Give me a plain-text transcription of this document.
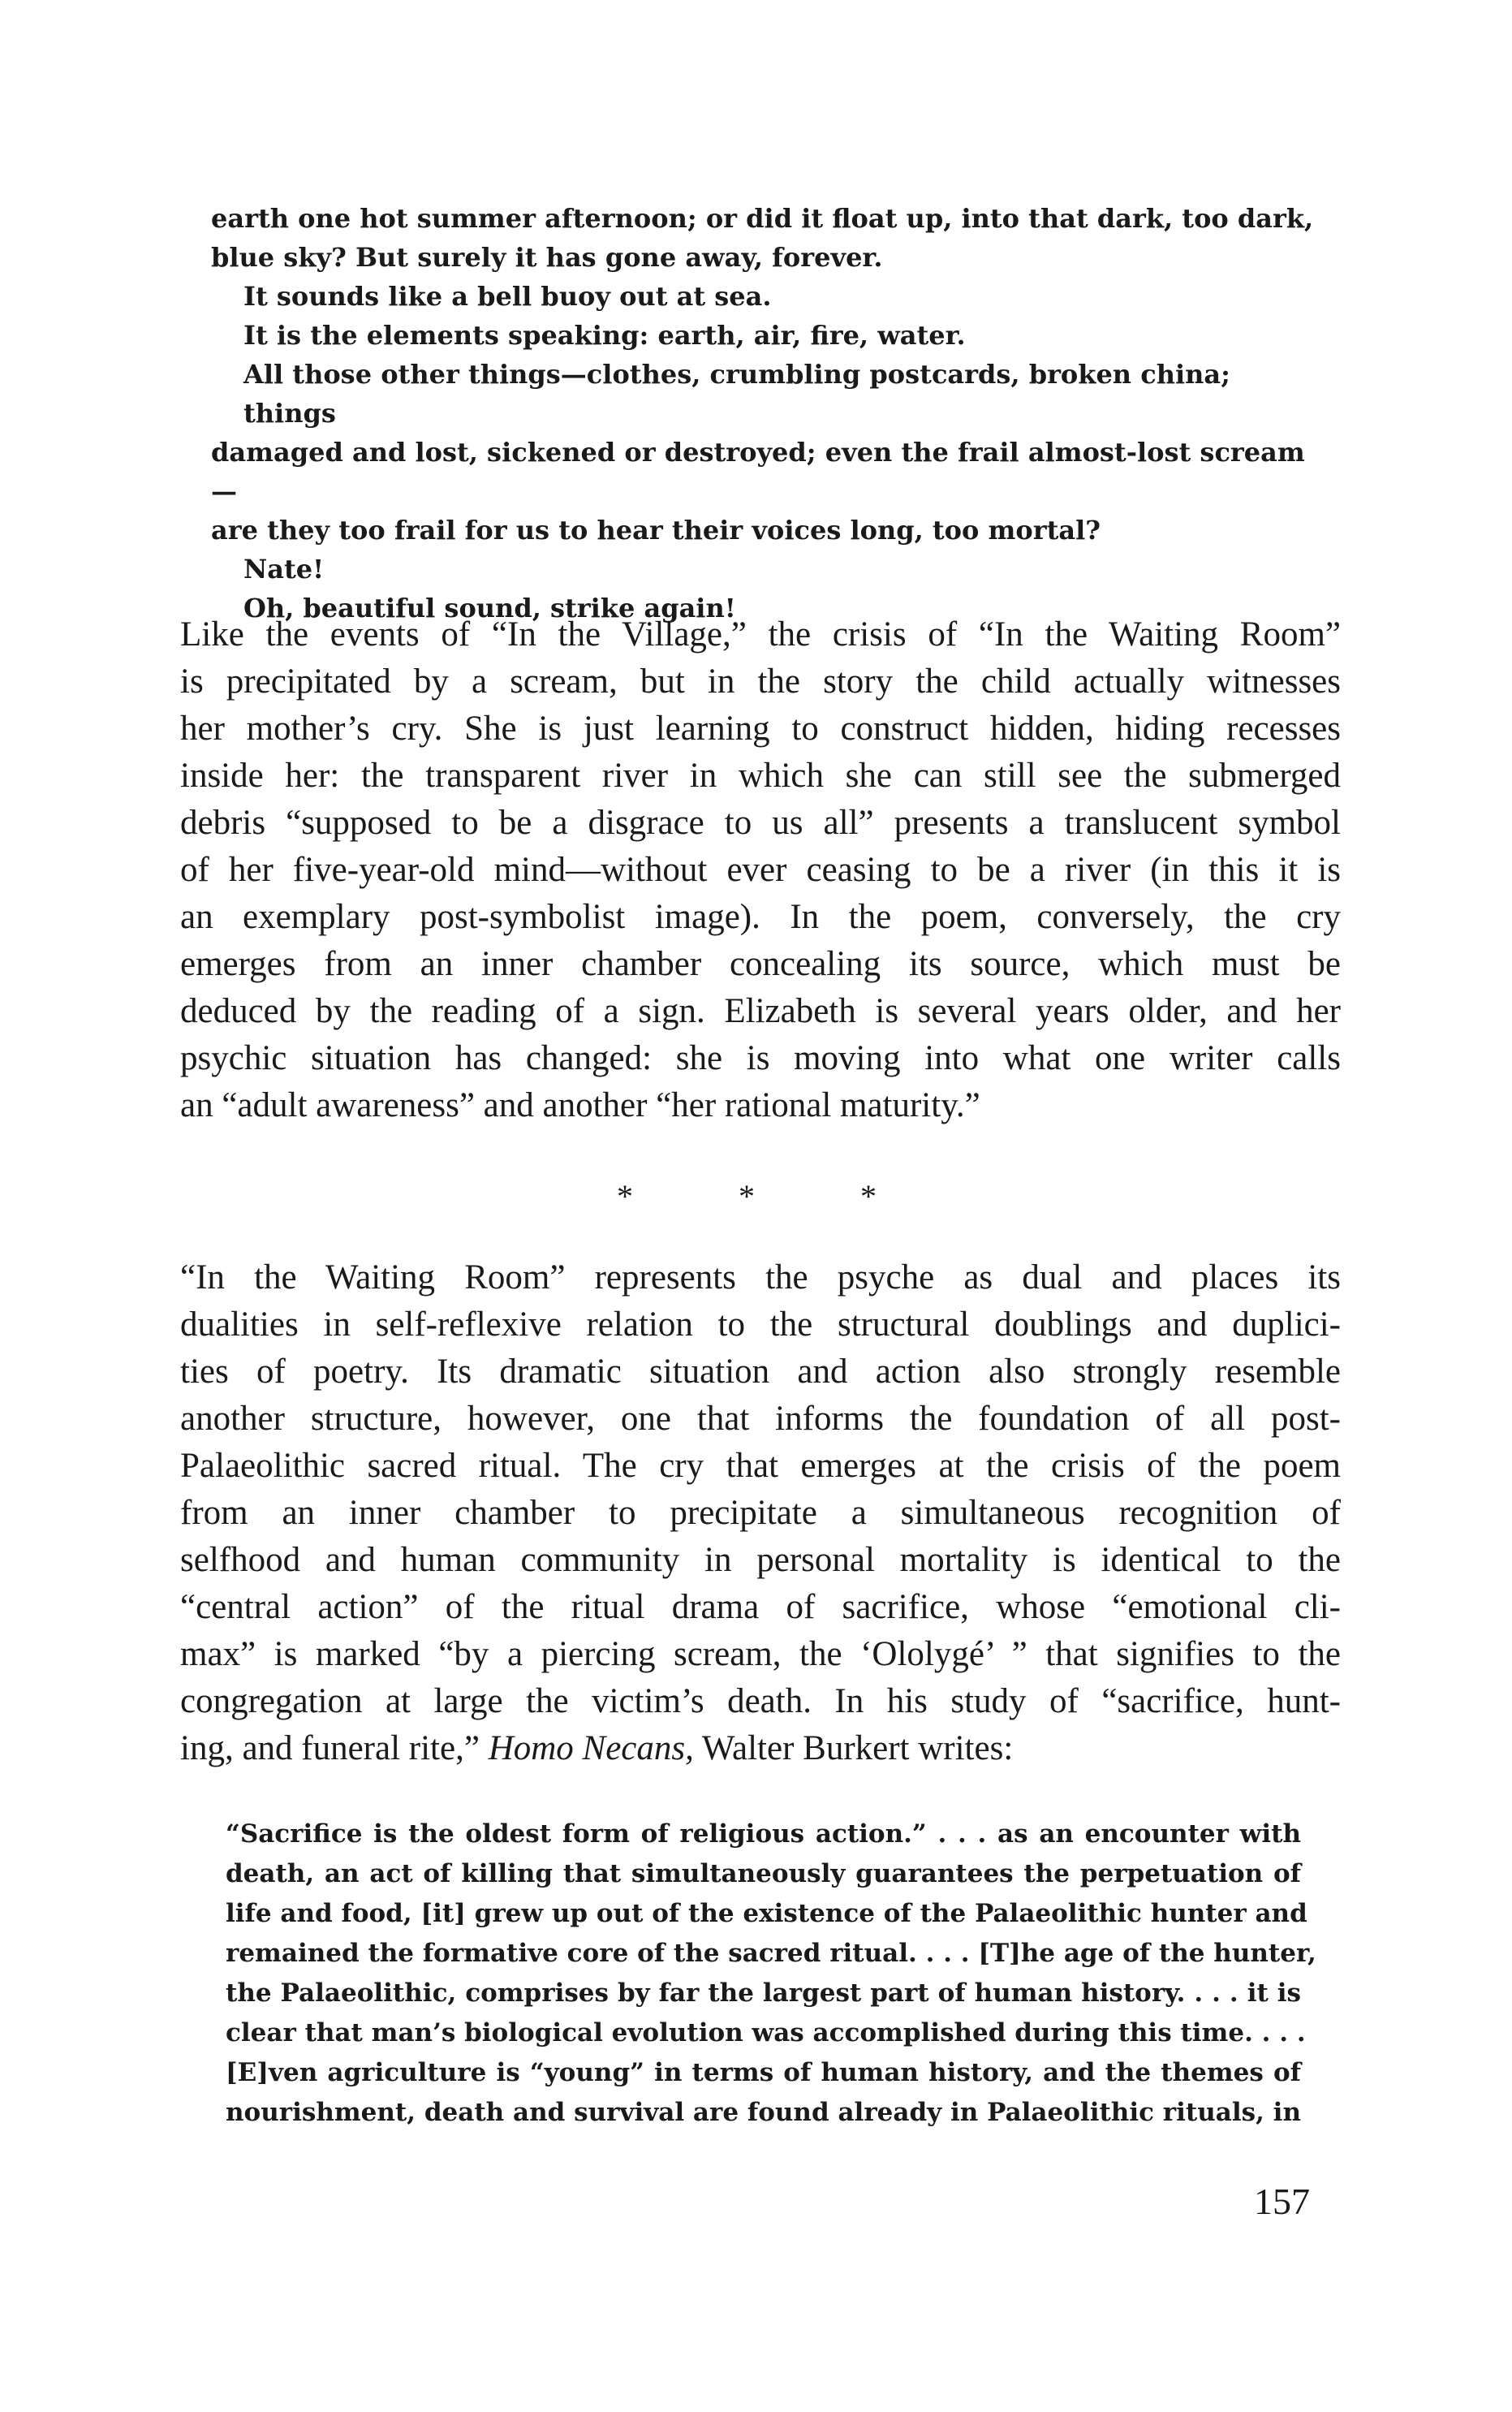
earth one hot summer afternoon; or did it float up, into that dark, too dark,
blue sky? But surely it has gone away, forever.
It sounds like a bell buoy out at sea.
It is the elements speaking: earth, air, fire, water.
All those other things—clothes, crumbling postcards, broken china; things
damaged and lost, sickened or destroyed; even the frail almost-lost scream—
are they too frail for us to hear their voices long, too mortal?
Nate!
Oh, beautiful sound, strike again!
Like the events of “In the Village,” the crisis of “In the Waiting Room”
is precipitated by a scream, but in the story the child actually witnesses
her mother’s cry. She is just learning to construct hidden, hiding recesses
inside her: the transparent river in which she can still see the submerged
debris “supposed to be a disgrace to us all” presents a translucent symbol
of her five-year-old mind—without ever ceasing to be a river (in this it is
an exemplary post-symbolist image). In the poem, conversely, the cry
emerges from an inner chamber concealing its source, which must be
deduced by the reading of a sign. Elizabeth is several years older, and her
psychic situation has changed: she is moving into what one writer calls
an “adult awareness” and another “her rational maturity.”
*	*	*
“In the Waiting Room” represents the psyche as dual and places its
dualities in self-reflexive relation to the structural doublings and duplici-
ties of poetry. Its dramatic situation and action also strongly resemble
another structure, however, one that informs the foundation of all post-
Palaeolithic sacred ritual. The cry that emerges at the crisis of the poem
from an inner chamber to precipitate a simultaneous recognition of
selfhood and human community in personal mortality is identical to the
“central action” of the ritual drama of sacrifice, whose “emotional cli-
max” is marked “by a piercing scream, the ‘Ololygé’ ” that signifies to the
congregation at large the victim’s death. In his study of “sacrifice, hunt-
ing, and funeral rite,” Homo Necans, Walter Burkert writes:
“Sacrifice is the oldest form of religious action.” . . . as an encounter with
death, an act of killing that simultaneously guarantees the perpetuation of
life and food, [it] grew up out of the existence of the Palaeolithic hunter and
remained the formative core of the sacred ritual. . . . [T]he age of the hunter,
the Palaeolithic, comprises by far the largest part of human history. . . . it is
clear that man’s biological evolution was accomplished during this time. . . .
[E]ven agriculture is “young” in terms of human history, and the themes of
nourishment, death and survival are found already in Palaeolithic rituals, in
157
